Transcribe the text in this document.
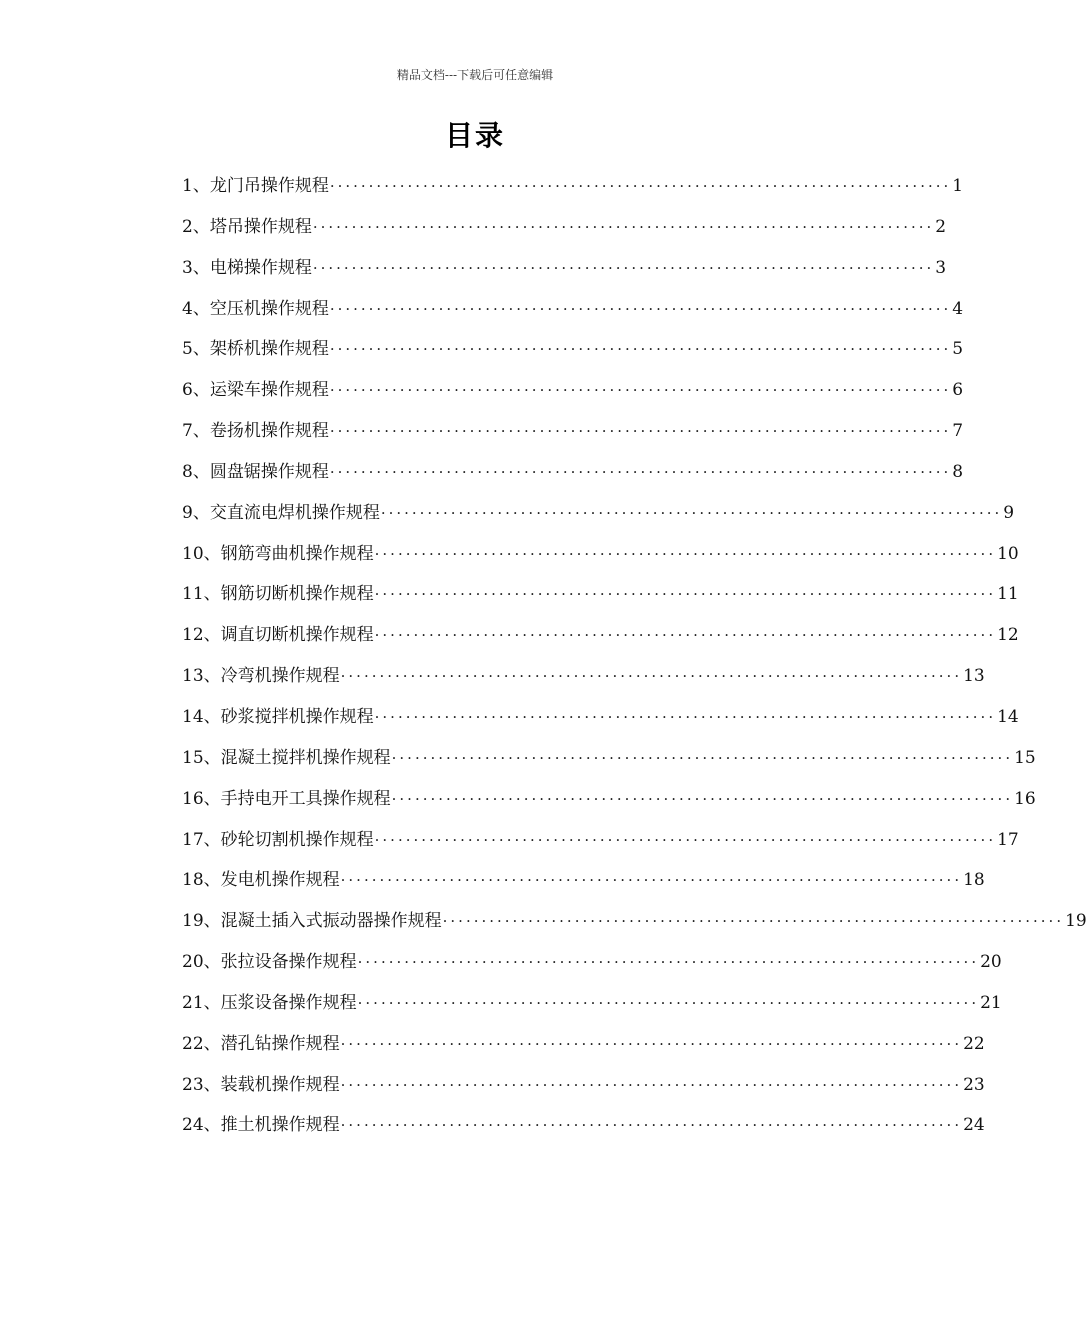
精品文档---下载后可任意编辑
目录
1、 龙门吊操作规程 ················································································ 1
2、 塔吊操作规程 ················································································ 2
3、 电梯操作规程 ················································································ 3
4、 空压机操作规程 ················································································ 4
5、 架桥机操作规程 ················································································ 5
6、 运梁车操作规程 ················································································ 6
7、 卷扬机操作规程 ················································································ 7
8、 圆盘锯操作规程 ················································································ 8
9、 交直流电焊机操作规程 ················································································ 9
10、 钢筋弯曲机操作规程 ················································································ 10
11、 钢筋切断机操作规程 ················································································ 11
12、 调直切断机操作规程 ················································································ 12
13、 冷弯机操作规程 ················································································ 13
14、 砂浆搅拌机操作规程 ················································································ 14
15、 混凝土搅拌机操作规程 ················································································ 15
16、 手持电开工具操作规程 ················································································ 16
17、 砂轮切割机操作规程 ················································································ 17
18、 发电机操作规程 ················································································ 18
19、 混凝土插入式振动器操作规程 ················································································ 19
20、 张拉设备操作规程 ················································································ 20
21、 压浆设备操作规程 ················································································ 21
22、 潜孔钻操作规程 ················································································ 22
23、 装载机操作规程 ················································································ 23
24、 推土机操作规程 ················································································ 24
